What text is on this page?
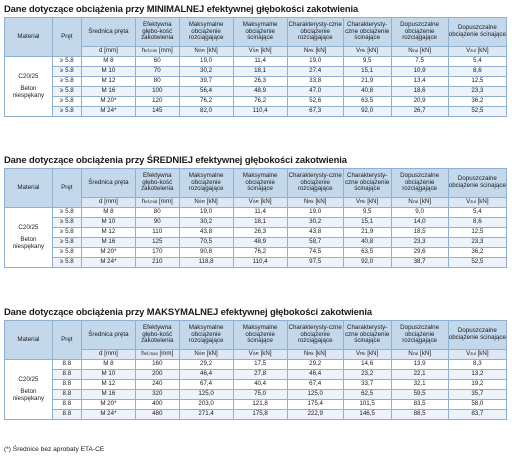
Dane dotyczące obciążenia przy MINIMALNEJ efektywnej głębokości zakotwienia
Material	Pręt	Średnica pręta	Efektywna głębo-kość zakotwienia	Maksymalne obciążenie rozciągające	Maksymalne obciążenie ścinające	Charakterysty-czne obciążenie rozciągające	Charakterysty-czne obciążenie ścinające	Dopuszczalne obciążenie rozciągające	Dopuszczalne obciążenie ścinające
		d [mm]	hef,min [mm]	NŚR [kN]	VŚR [kN]	NRk [kN]	VRk [kN]	Nzul [kN]	Vzul [kN]

C20/25
Beton niespękany	≥ 5.8	M 8	60	19,0	11,4	19,0	9,5	7,5	5,4
	≥ 5.8	M 10	70	30,2	18,1	27,4	15,1	10,9	8,6
	≥ 5.8	M 12	80	39,7	26,3	33,8	21,9	13,4	12,5
	≥ 5.8	M 16	100	56,4	48,9	47,0	40,8	18,6	23,3
	≥ 5.8	M 20*	120	76,2	76,2	52,6	63,5	20,9	36,2
	≥ 5.8	M 24*	145	82,0	110,4	67,3	92,0	26,7	52,5
Dane dotyczące obciążenia przy ŚREDNIEJ efektywnej głębokości zakotwienia
Material	Pręt	Średnica pręta	Efektywna głębo-kość zakotwienia	Maksymalne obciążenie rozciągające	Maksymalne obciążenie ścinające	Charakterysty-czne obciążenie rozciągające	Charakterysty-czne obciążenie ścinające	Dopuszczalne obciążenie rozciągające	Dopuszczalne obciążenie ścinające
		d [mm]	hef,mid [mm]	NŚR [kN]	VŚR [kN]	NRk [kN]	VRk [kN]	Nzul [kN]	Vzul [kN]

C20/25
Beton niespękany	≥ 5.8	M 8	80	19,0	11,4	19,0	9,5	9,0	5,4
	≥ 5.8	M 10	90	30,2	18,1	30,2	15,1	14,0	8,6
	≥ 5.8	M 12	110	43,8	26,3	43,8	21,9	18,5	12,5
	≥ 5.8	M 16	125	70,5	48,9	58,7	40,8	23,3	23,3
	≥ 5.8	M 20*	170	90,8	76,2	74,5	63,5	29,6	36,2
	≥ 5.8	M 24*	210	118,8	110,4	97,5	92,0	38,7	52,5
Dane dotyczące obciążenia przy MAKSYMALNEJ efektywnej głębokości zakotwienia
Material	Pręt	Średnica pręta	Efektywna głębo-kość zakotwienia	Maksymalne obciążenie rozciągające	Maksymalne obciążenie ścinające	Charakterysty-czne obciążenie rozciągające	Charakterysty-czne obciążenie ścinające	Dopuszczalne obciążenie rozciągające	Dopuszczalne obciążenie ścinające
		d [mm]	hef,max [mm]	NŚR [kN]	VŚR [kN]	NRk [kN]	VRk [kN]	Nzul [kN]	Vzul [kN]

C20/25
Beton niespękany	8.8	M 8	160	29,2	17,5	29,2	14,6	13,9	8,3
	8.8	M 10	200	46,4	27,8	46,4	23,2	22,1	13,2
	8.8	M 12	240	67,4	40,4	67,4	33,7	32,1	19,2
	8.8	M 16	320	125,0	75,0	125,0	62,5	59,5	35,7
	8.8	M 20*	400	203,0	121,8	175,4	101,5	83,5	58,0
	8.8	M 24*	480	271,4	175,8	222,9	146,5	88,5	83,7
(*) Średnice bez aprobaty ETA-CE
